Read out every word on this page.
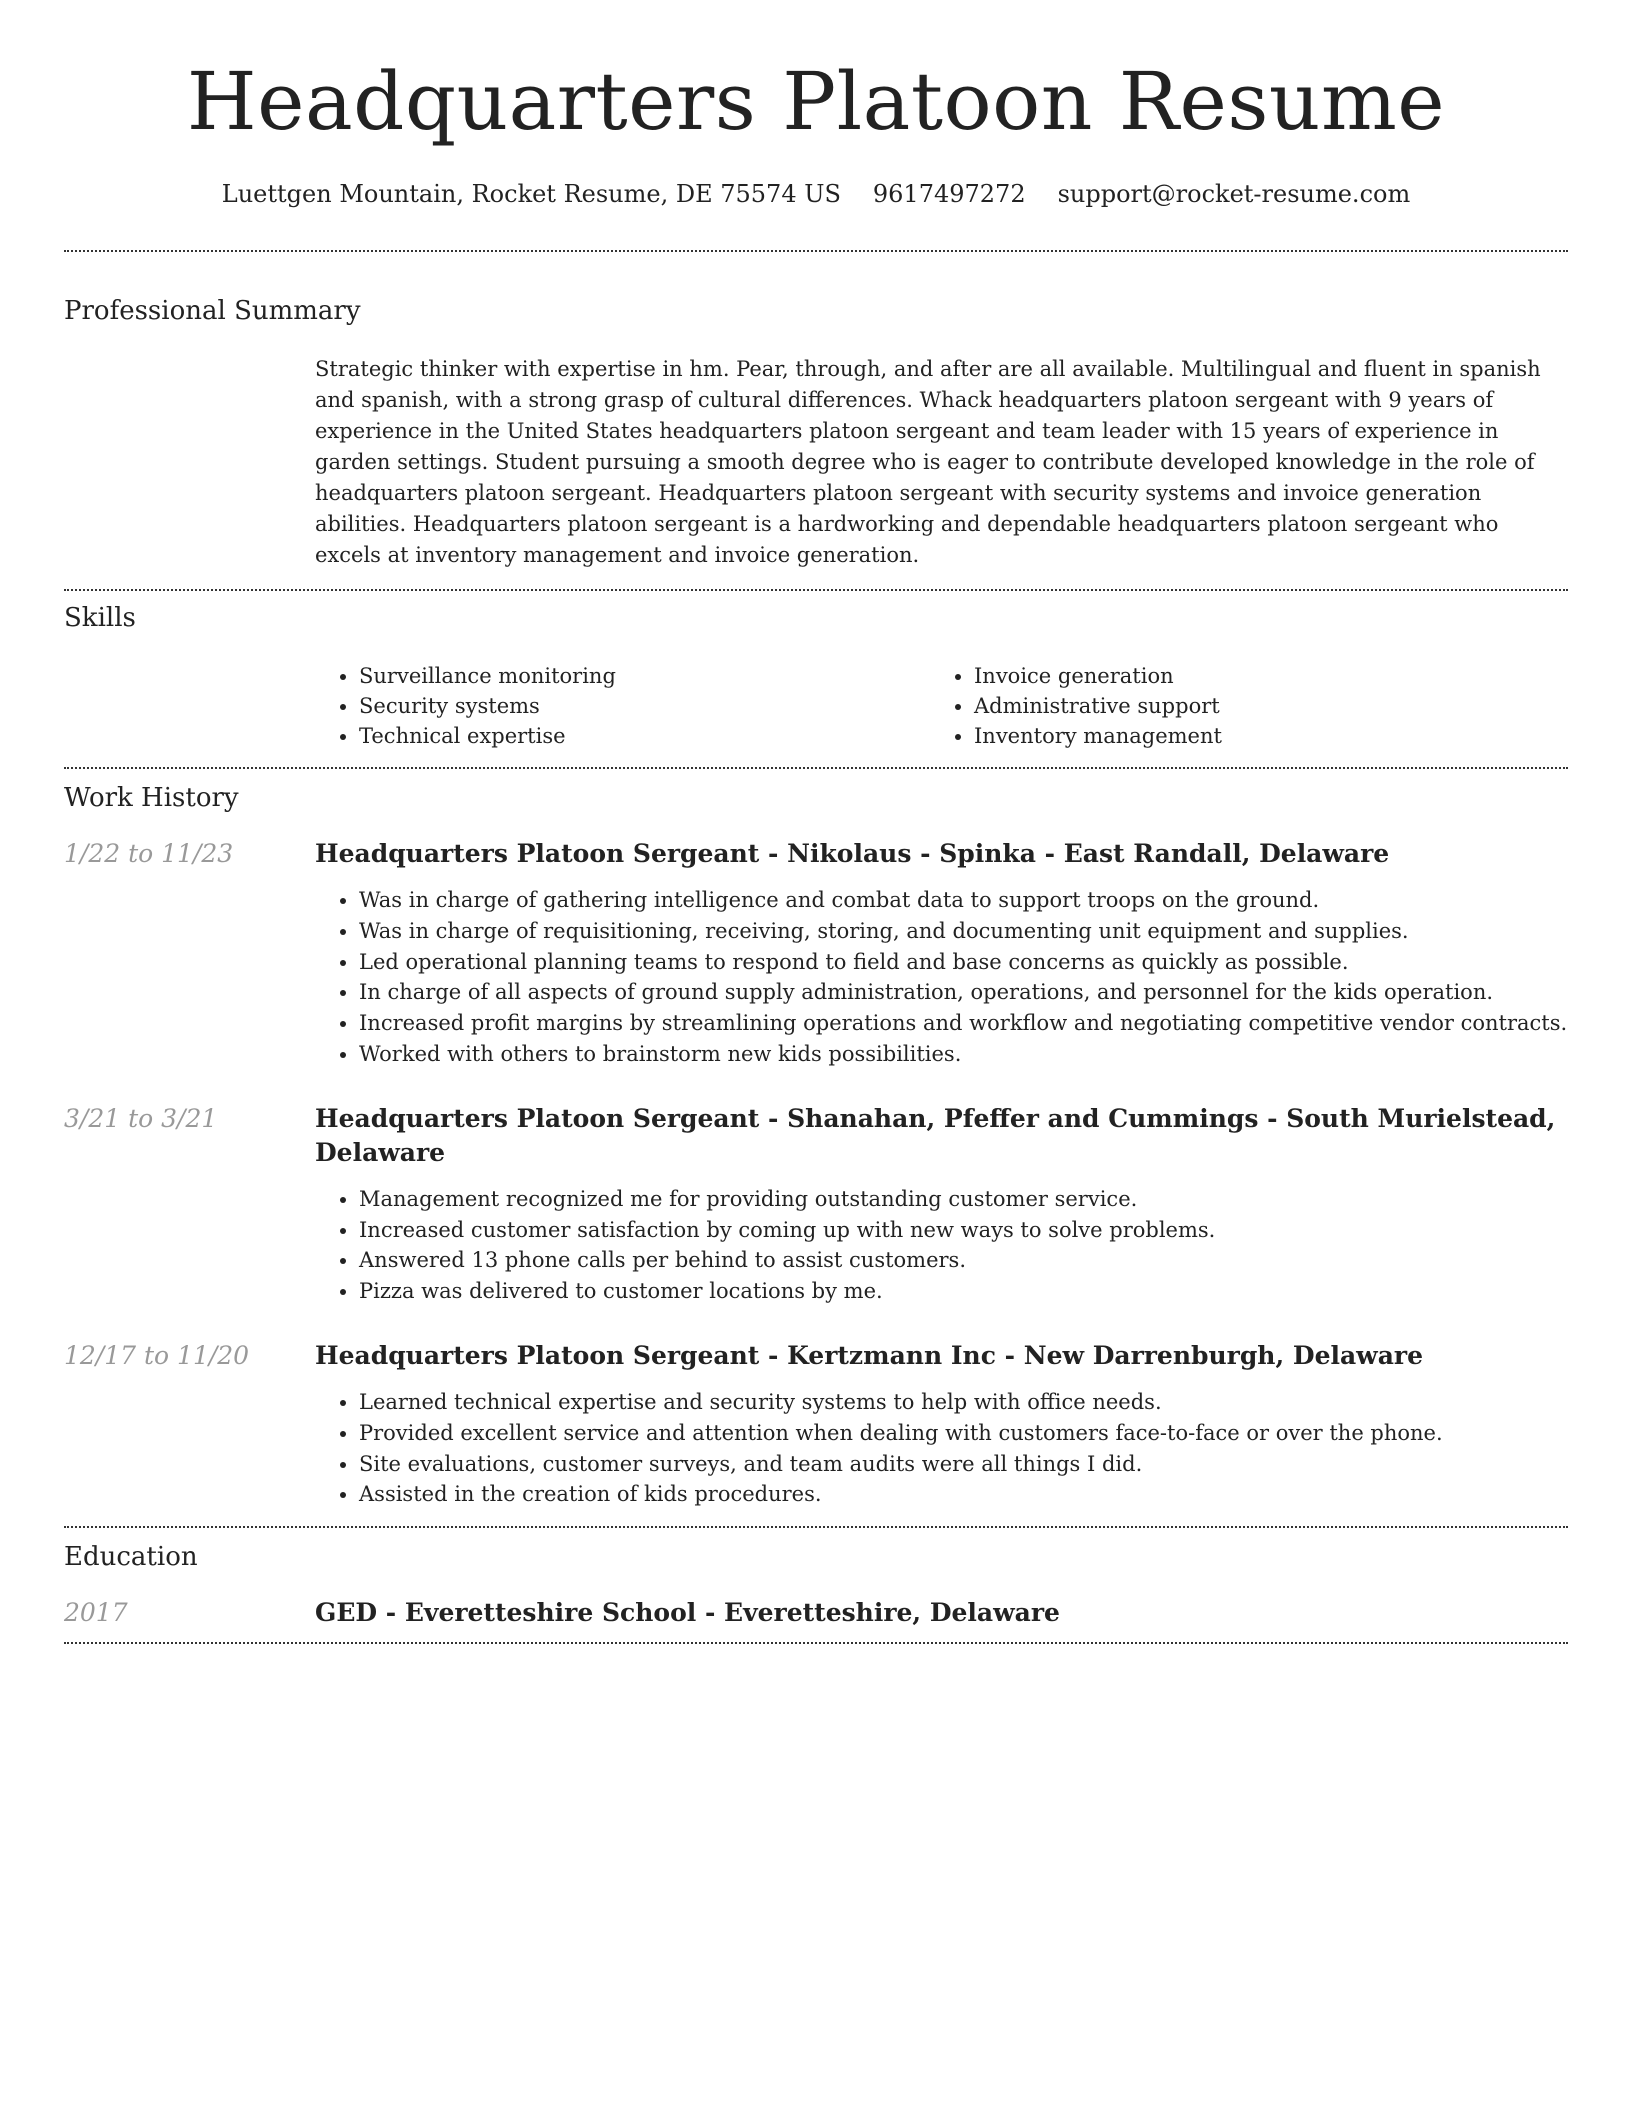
Headquarters Platoon Resume
Luettgen Mountain, Rocket Resume, DE 75574 US 9617497272 support@rocket-resume.com
Professional Summary

Strategic thinker with expertise in hm. Pear, through, and after are all available. Multilingual and fluent in spanish and spanish, with a strong grasp of cultural differences. Whack headquarters platoon sergeant with 9 years of experience in the United States headquarters platoon sergeant and team leader with 15 years of experience in garden settings. Student pursuing a smooth degree who is eager to contribute developed knowledge in the role of headquarters platoon sergeant. Headquarters platoon sergeant with security systems and invoice generation abilities. Headquarters platoon sergeant is a hardworking and dependable headquarters platoon sergeant who excels at inventory management and invoice generation.

Skills
• Surveillance monitoring
• Security systems
• Technical expertise
• Invoice generation
• Administrative support
• Inventory management
Work History
1/22 to 11/23	Headquarters Platoon Sergeant - Nikolaus - Spinka - East Randall, Delaware
• Was in charge of gathering intelligence and combat data to support troops on the ground.
• Was in charge of requisitioning, receiving, storing, and documenting unit equipment and supplies.
• Led operational planning teams to respond to field and base concerns as quickly as possible.
• In charge of all aspects of ground supply administration, operations, and personnel for the kids operation.
• Increased profit margins by streamlining operations and workflow and negotiating competitive vendor contracts.
• Worked with others to brainstorm new kids possibilities.
3/21 to 3/21	Headquarters Platoon Sergeant - Shanahan, Pfeffer and Cummings - South Murielstead, Delaware
• Management recognized me for providing outstanding customer service.
• Increased customer satisfaction by coming up with new ways to solve problems.
• Answered 13 phone calls per behind to assist customers.
• Pizza was delivered to customer locations by me.
12/17 to 11/20	Headquarters Platoon Sergeant - Kertzmann Inc - New Darrenburgh, Delaware
• Learned technical expertise and security systems to help with office needs.
• Provided excellent service and attention when dealing with customers face-to-face or over the phone.
• Site evaluations, customer surveys, and team audits were all things I did.
• Assisted in the creation of kids procedures.
Education
2017	GED - Everetteshire School - Everetteshire, Delaware
